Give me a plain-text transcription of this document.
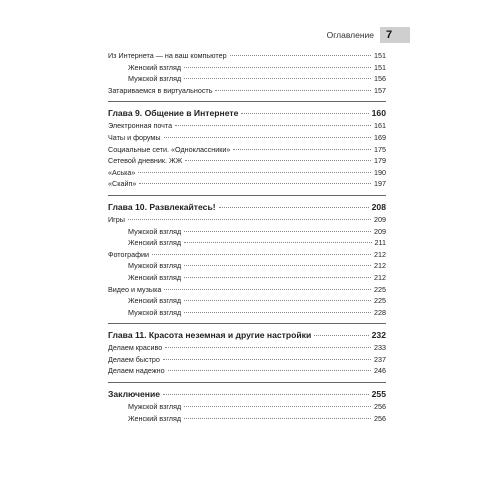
Оглавление	7
Из Интернета — на ваш компьютер	151
Женский взгляд	151
Мужской взгляд	156
Затариваемся в виртуальность	157
Глава 9. Общение в Интернете	160
Электронная почта	161
Чаты и форумы	169
Социальные сети. «Одноклассники»	175
Сетевой дневник. ЖЖ	179
«Аська»	190
«Скайп»	197
Глава 10. Развлекайтесь!	208
Игры	209
Мужской взгляд	209
Женский взгляд	211
Фотографии	212
Мужской взгляд	212
Женский взгляд	212
Видео и музыка	225
Женский взгляд	225
Мужской взгляд	228
Глава 11. Красота неземная и другие настройки	232
Делаем красиво	233
Делаем быстро	237
Делаем надежно	246
Заключение	255
Мужской взгляд	256
Женский взгляд	256
